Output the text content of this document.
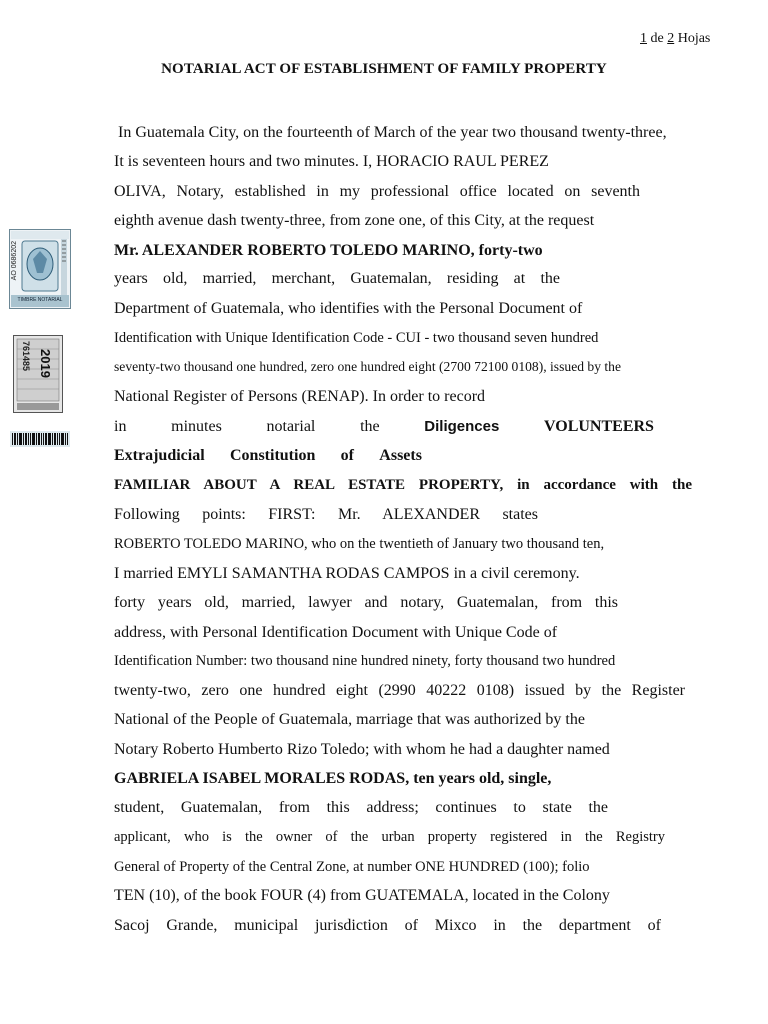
1 de 2 Hojas
NOTARIAL ACT OF ESTABLISHMENT OF FAMILY PROPERTY
In Guatemala City, on the fourteenth of March of the year two thousand twenty-three,
It is seventeen hours and two minutes. I, HORACIO RAUL PEREZ
OLIVA, Notary, established in my professional office located on seventh
eighth avenue dash twenty-three, from zone one, of this City, at the request
Mr. ALEXANDER ROBERTO TOLEDO MARINO, forty-two
years old, married, merchant, Guatemalan, residing at the
Department of Guatemala, who identifies with the Personal Document of
Identification with Unique Identification Code - CUI - two thousand seven hundred
seventy-two thousand one hundred, zero one hundred eight (2700 72100 0108), issued by the
National Register of Persons (RENAP). In order to record
in	minutes	notarial	the	Diligences	VOLUNTEERS
Extrajudicial Constitution of Assets
FAMILIAR ABOUT A REAL ESTATE PROPERTY, in accordance with the
Following points: FIRST: Mr. ALEXANDER states
ROBERTO TOLEDO MARINO, who on the twentieth of January two thousand ten,
I married EMYLI SAMANTHA RODAS CAMPOS in a civil ceremony.
forty years old, married, lawyer and notary, Guatemalan, from this
address, with Personal Identification Document with Unique Code of
Identification Number: two thousand nine hundred ninety, forty thousand two hundred
twenty-two, zero one hundred eight (2990 40222 0108) issued by the Register
National of the People of Guatemala, marriage that was authorized by the
Notary Roberto Humberto Rizo Toledo; with whom he had a daughter named
GABRIELA ISABEL MORALES RODAS, ten years old, single,
student, Guatemalan, from this address; continues to state the
applicant, who is the owner of the urban property registered in the Registry
General of Property of the Central Zone, at number ONE HUNDRED (100); folio
TEN (10), of the book FOUR (4) from GUATEMALA, located in the Colony
Sacoj Grande, municipal jurisdiction of Mixco in the department of
AO 0686202
TIMBRE NOTARIAL
761485 2019
